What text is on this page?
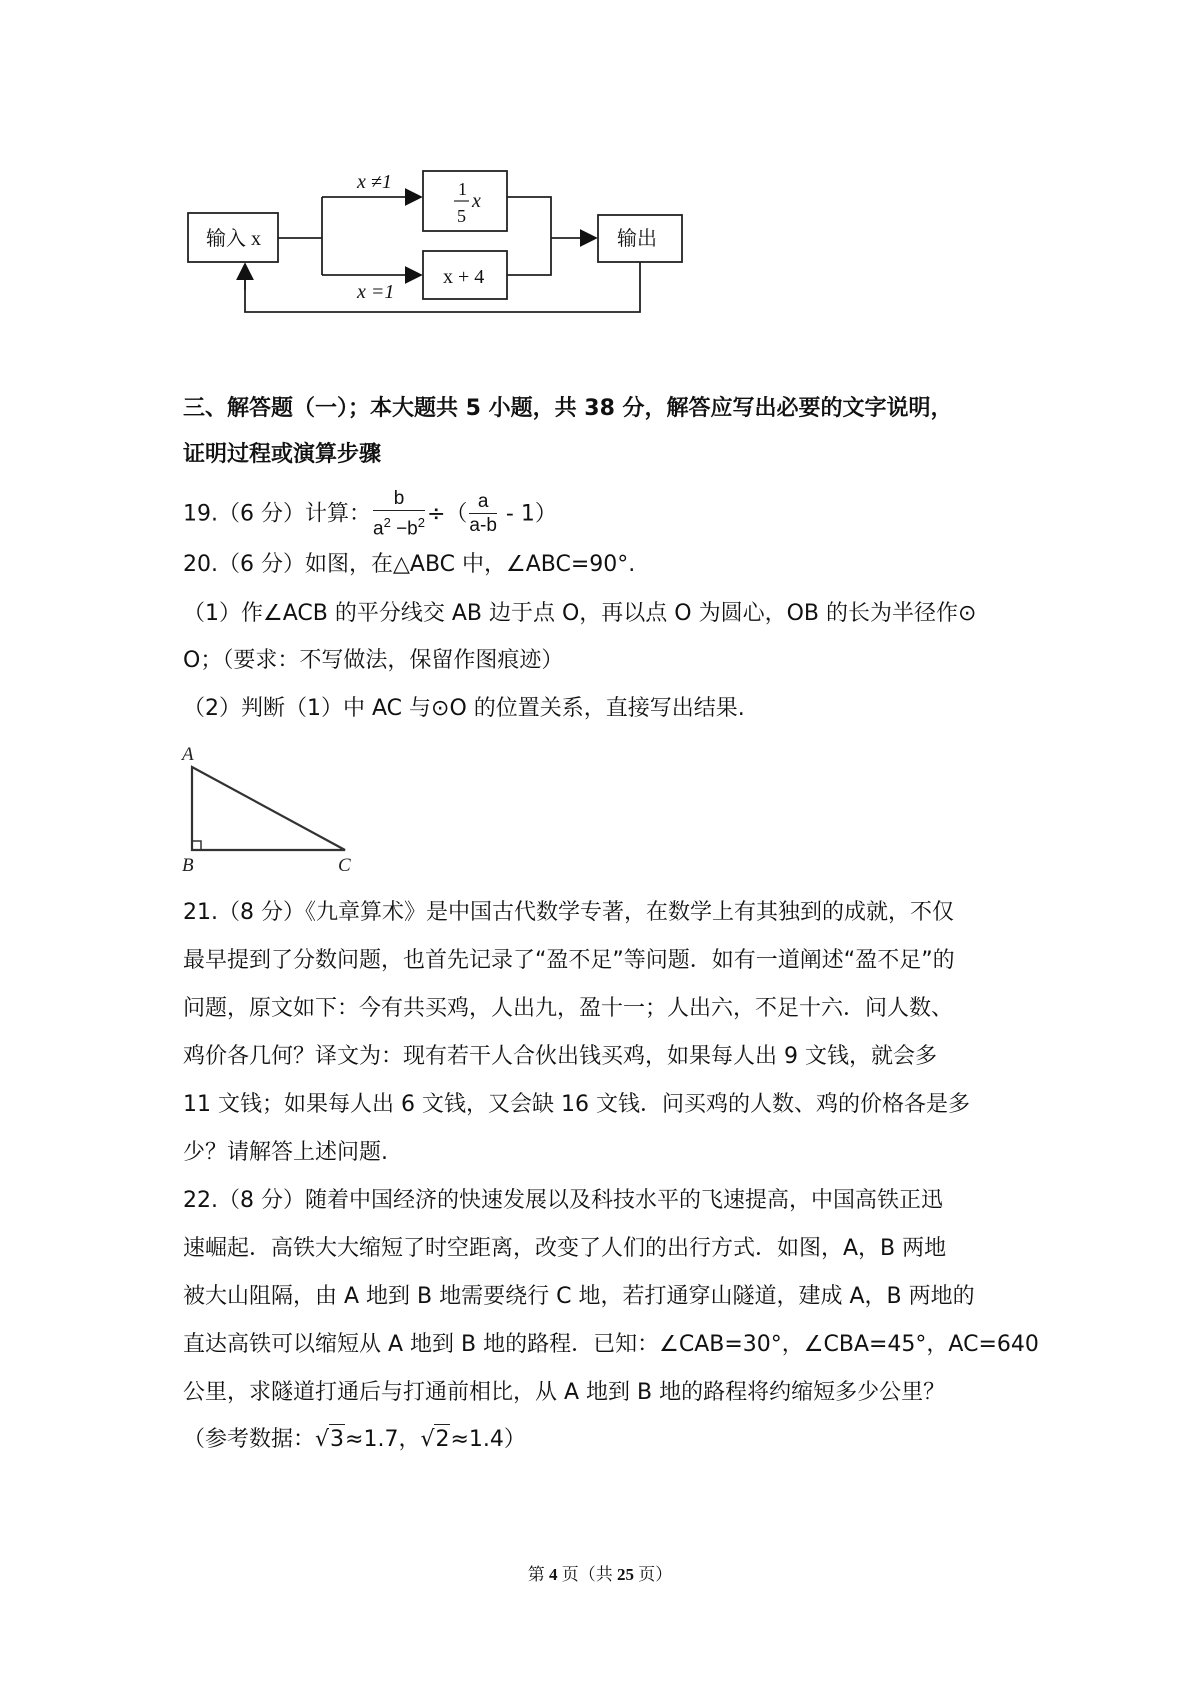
输入 x
x ≠1
x =1
1
5
x
x + 4
输出
三、解答题（一）；本大题共 5 小题，共 38 分，解答应写出必要的文字说明，
证明过程或演算步骤
19.（6 分）计算： $\frac{b}{a^2 -b^2}$ ÷（ $\frac{a}{a-b} - 1$）
20.（6 分）如图，在△ABC 中，∠ABC=90°.
（1）作∠ACB 的平分线交 AB 边于点 O，再以点 O 为圆心，OB 的长为半径作⊙
O；（要求：不写做法，保留作图痕迹）
（2）判断（1）中 AC 与⊙O 的位置关系，直接写出结果.
A
B	C
21.（8 分）《九章算术》是中国古代数学专著，在数学上有其独到的成就，不仅
最早提到了分数问题，也首先记录了“盈不足”等问题．如有一道阐述“盈不足”的
问题，原文如下：今有共买鸡，人出九，盈十一；人出六，不足十六．问人数、
鸡价各几何？译文为：现有若干人合伙出钱买鸡，如果每人出 9 文钱，就会多
11 文钱；如果每人出 6 文钱，又会缺 16 文钱．问买鸡的人数、鸡的价格各是多
少？请解答上述问题.
22.（8 分）随着中国经济的快速发展以及科技水平的飞速提高，中国高铁正迅
速崛起．高铁大大缩短了时空距离，改变了人们的出行方式．如图，A，B 两地
被大山阻隔，由 A 地到 B 地需要绕行 C 地，若打通穿山隧道，建成 A，B 两地的
直达高铁可以缩短从 A 地到 B 地的路程．已知：∠CAB=30°，∠CBA=45°，AC=640
公里，求隧道打通后与打通前相比，从 A 地到 B 地的路程将约缩短多少公里？
（参考数据：√3≈1.7，√2≈1.4）
第 4 页（共 25 页）
